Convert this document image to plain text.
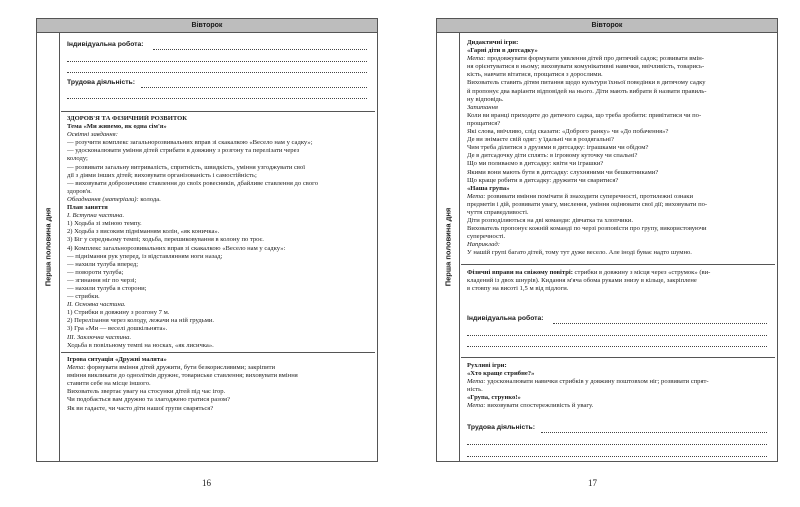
Вівторок
Перша половина дня
Індивідуальна робота:
Трудова діяльність:
ЗДОРОВ'Я ТА ФІЗИЧНИЙ РОЗВИТОК
Тема «Ми живемо, як одна сім'я»
Освітні завдання:
— розучити комплекс загальнорозвивальних вправ зі скакалкою «Весело нам у садку»;
— удосконалювати уміння дітей стрибати в довжину з розгону та перелізати через
колоду;
— розвивати загальну витривалість, спритність, швидкість, уміння узгоджувати свої
дії з діями інших дітей; виховувати організованість і самостійність;
— виховувати доброзичливе ставлення до своїх ровесників, дбайливе ставлення до свого
здоров'я.
Обладнання (матеріали): колода.
План заняття
I. Вступна частина.
1) Ходьба зі зміною темпу.
2) Ходьба з високим підніманням колін, «як коничка».
3) Біг у середньому темпі; ходьба, перешиковування в колону по троє.
4) Комплекс загальнорозвивальних вправ зі скакалкою «Весело нам у садку»:
— піднімання рук уперед, із відставлянням ноги назад;
— нахили тулуба вперед;
— повороти тулуба;
— згинання ніг по черзі;
— нахили тулуба в сторони;
— стрибки.
II. Основна частина.
1) Стрибки в довжину з розгону 7 м.
2) Перелізання через колоду, лежачи на ній грудьми.
3) Гра «Ми — веселі дошкільнята».
III. Заключна частина.
Ходьба в повільному темпі на носках, «як лисичка».
Ігрова ситуація «Дружні малята»
Мета: формувати вміння дітей дружити, бути безкорисливими; закріпити
вміння викликати до однолітків дружнє, товариське ставлення; виховувати вміння
ставити себе на місце іншого.
Вихователь звертає увагу на стосунки дітей під час ігор.
Чи подобається вам дружно та злагоджено гратися разом?
Як ви гадаєте, чи часто діти нашої групи сваряться?
16
Вівторок
Перша половина дня
Дидактичні ігри:
«Гарні діти в дитсадку»
Мета: продовжувати формувати уявлення дітей про дитячий садок; розвивати вмін-
ня орієнтуватися в ньому; виховувати комунікативні навички, ввічливість, товарись-
кість, навчати вітатися, прощатися з дорослими.
Вихователь ставить дітям питання щодо культури їхньої поведінки в дитячому садку
й пропонує два варіанти відповідей на нього. Діти мають вибрати й назвати правиль-
ну відповідь.
Запитання
Коли ви вранці приходите до дитячого садка, що треба зробити: привітатися чи по-
прощатися?
Які слова, ввічливо, слід сказати: «Доброго ранку» чи «До побачення»?
Де ви знімаєте свій одяг: у їдальні чи в роздягальні?
Чим треба ділитися з друзями в дитсадку: іграшками чи обідом?
Де в дитсадочку діти сплять: в ігровому куточку чи спальні?
Що ми поливаємо в дитсадку: квіти чи іграшки?
Якими вони мають бути в дитсадку: слухняними чи бешкетниками?
Що краще робити в дитсадку: дружити чи сваритися?
«Наша група»
Мета: розвивати вміння помічати й знаходити суперечності, протилежні ознаки
предметів і дій, розвивати увагу, мислення, уміння оцінювати свої дії; виховувати по-
чуття справедливості.
Діти розподіляються на дві команди: дівчатка та хлопчики.
Вихователь пропонує кожній команді по черзі розповісти про групу, використовуючи
суперечності.
Наприклад:
У нашій групі багато дітей, тому тут дуже весело. Але іноді буває надто шумно.
Фізичні вправи на свіжому повітрі: стрибки в довжину з місця через «струмок» (ви-
кладений із двох шнурів). Кидання м'яча обома руками знизу в кільце, закріплене
в стовпу на висоті 1,5 м від підлоги.
Індивідуальна робота:
Рухливі ігри:
«Хто краще стрибне?»
Мета: удосконалювати навички стрибків у довжину поштовхом ніг; розвивати спрят-
ність.
«Група, струнко!»
Мета: виховувати спостережливість й увагу.
Трудова діяльність:
17
